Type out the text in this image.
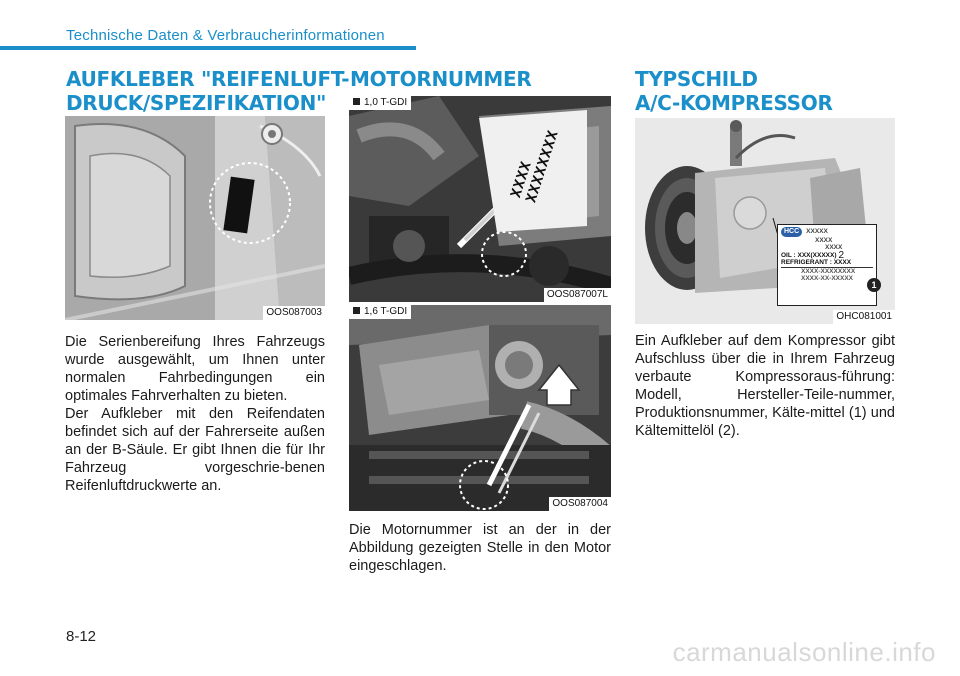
Technische Daten & Verbraucherinformationen
AUFKLEBER "REIFENLUFT-
DRUCK/SPEZIFIKATION"
OOS087003

Die Serienbereifung Ihres Fahrzeugs wurde ausgewählt, um Ihnen unter normalen Fahrbedingungen ein optimales Fahrverhalten zu bieten.

Der Aufkleber mit den Reifendaten befindet sich auf der Fahrerseite außen an der B-Säule. Er gibt Ihnen die für Ihr Fahrzeug vorgeschrie-benen Reifenluftdruckwerte an.

MOTORNUMMER
XXXX XXXXXXXX
1,0 T-GDI
OOS087007L
1,6 T-GDI
OOS087004

Die Motornummer ist an der in der Abbildung gezeigten Stelle in den Motor eingeschlagen.

TYPSCHILD
A/C-KOMPRESSOR
HCC	XXXXX
XXXX
XXXX
OIL : XXX(XXXXX) 2
REFRIGERANT : XXXX
XXXX-XXXXXXXX
XXXX-XX-XXXXX
1
OHC081001

Ein Aufkleber auf dem Kompressor gibt Aufschluss über die in Ihrem Fahrzeug verbaute Kompressoraus-führung: Modell, Hersteller-Teile-nummer, Produktionsnummer, Kälte-mittel (1) und Kältemittelöl (2).

8-12
carmanualsonline.info
